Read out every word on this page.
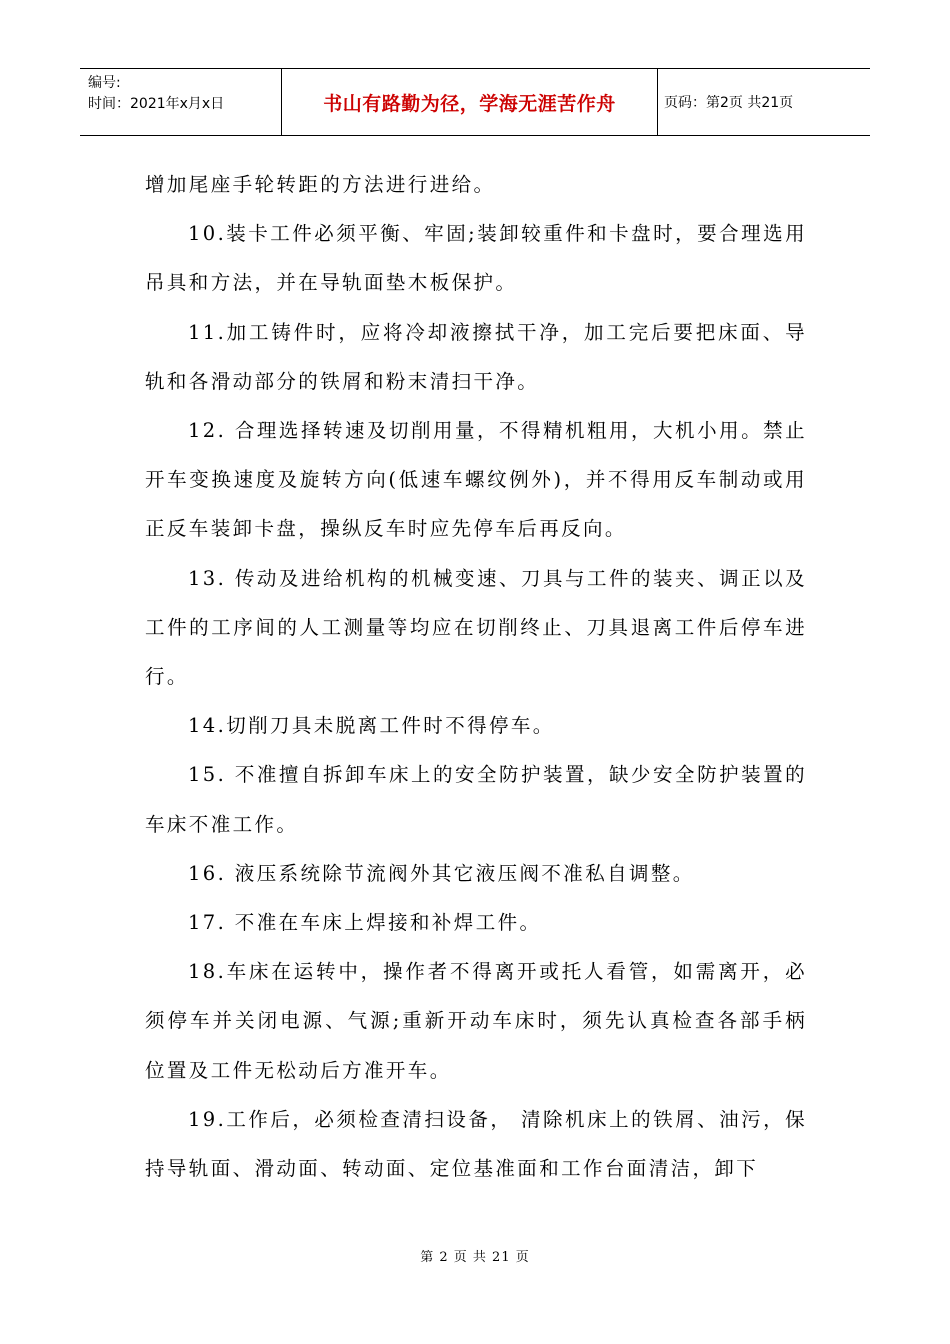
编号:
时间：2021年x月x日	书山有路勤为径，学海无涯苦作舟	页码：第2页 共21页

增加尾座手轮转距的方法进行进给。

10.装卡工件必须平衡、牢固;装卸较重件和卡盘时，要合理选用吊具和方法，并在导轨面垫木板保护。

11.加工铸件时，应将冷却液擦拭干净，加工完后要把床面、导轨和各滑动部分的铁屑和粉末清扫干净。

12. 合理选择转速及切削用量，不得精机粗用，大机小用。禁止开车变换速度及旋转方向(低速车螺纹例外)，并不得用反车制动或用正反车装卸卡盘，操纵反车时应先停车后再反向。

13. 传动及进给机构的机械变速、刀具与工件的装夹、调正以及工件的工序间的人工测量等均应在切削终止、刀具退离工件后停车进行。

14.切削刀具未脱离工件时不得停车。

15. 不准擅自拆卸车床上的安全防护装置，缺少安全防护装置的车床不准工作。

16. 液压系统除节流阀外其它液压阀不准私自调整。

17. 不准在车床上焊接和补焊工件。

18.车床在运转中，操作者不得离开或托人看管，如需离开，必须停车并关闭电源、气源;重新开动车床时，须先认真检查各部手柄位置及工件无松动后方准开车。

19.工作后，必须检查清扫设备， 清除机床上的铁屑、油污，保持导轨面、滑动面、转动面、定位基准面和工作台面清洁，卸下

第 2 页 共 21 页
